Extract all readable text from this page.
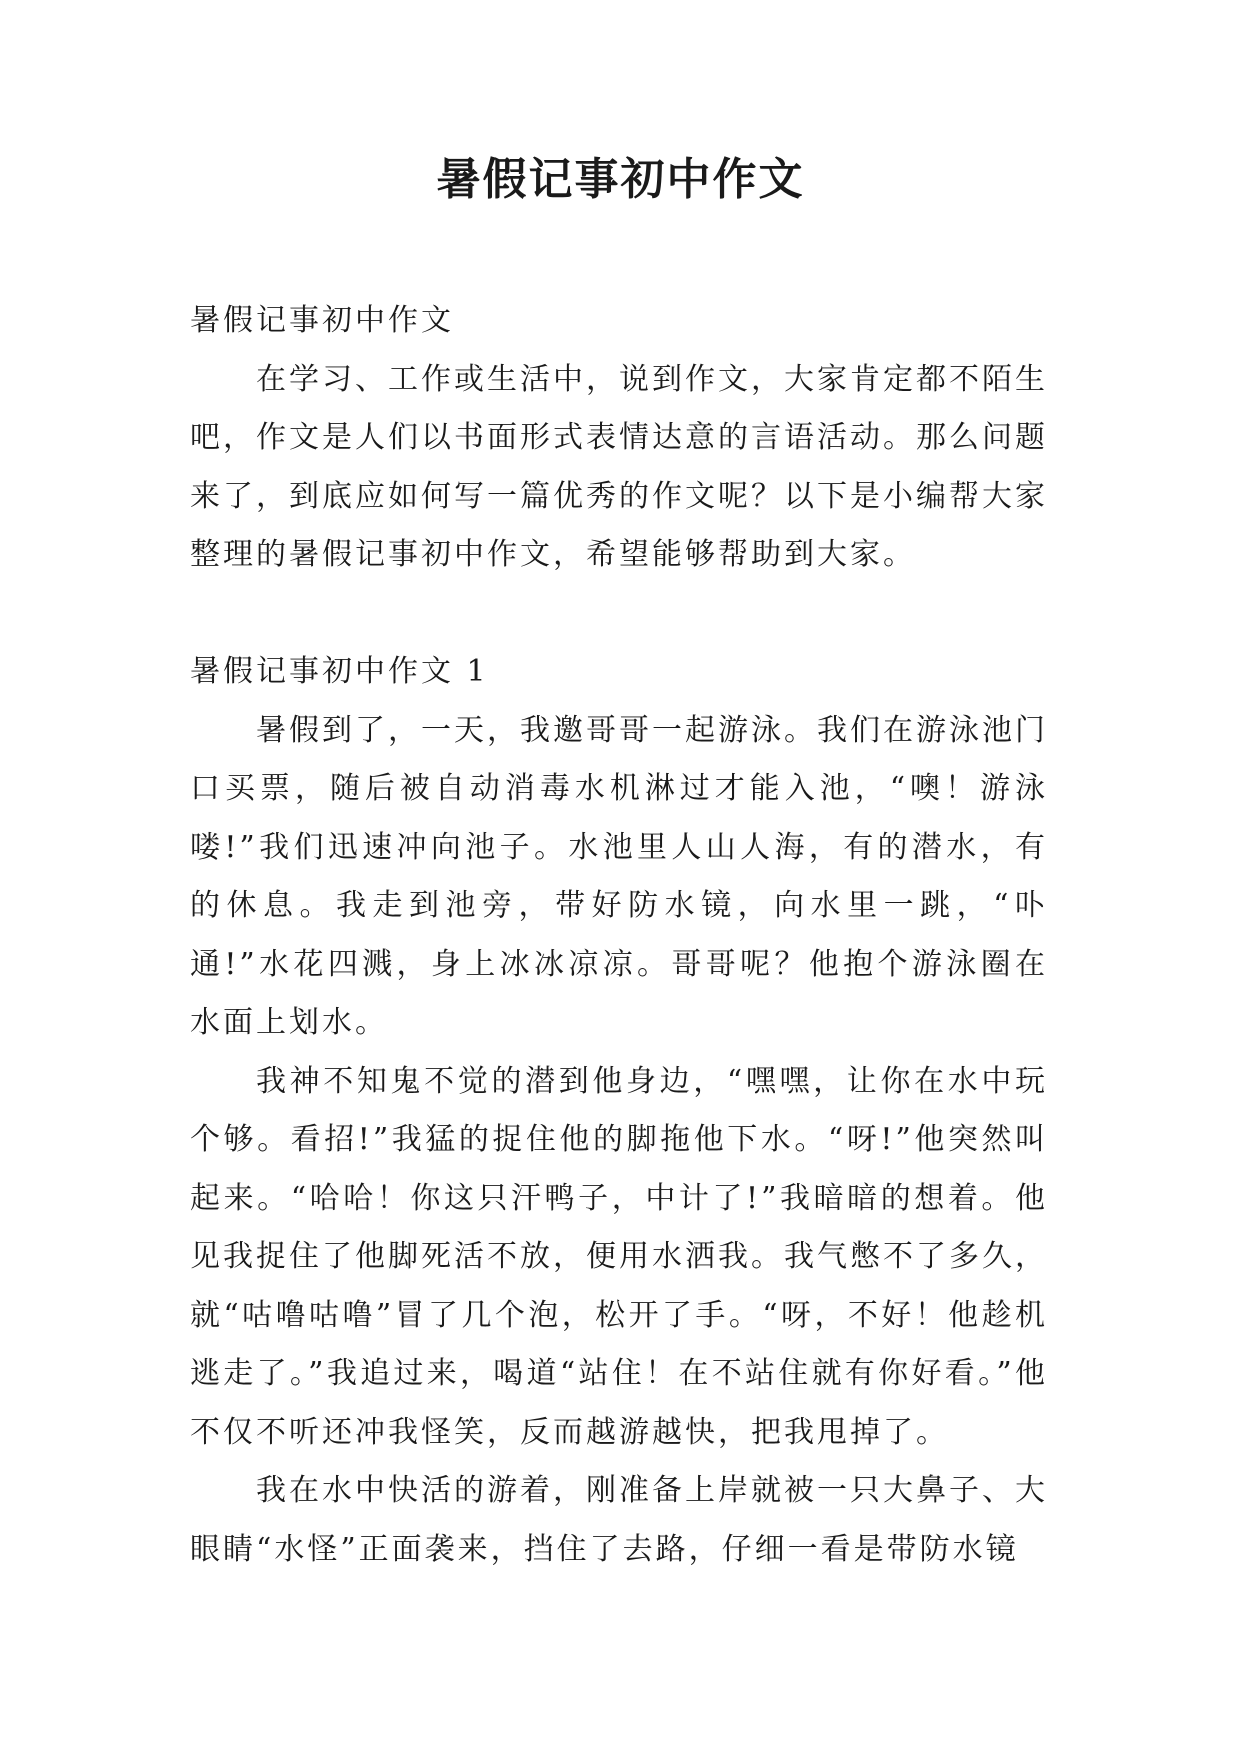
暑假记事初中作文

暑假记事初中作文

在学习、工作或生活中，说到作文，大家肯定都不陌生吧，作文是人们以书面形式表情达意的言语活动。那么问题来了，到底应如何写一篇优秀的作文呢？以下是小编帮大家整理的暑假记事初中作文，希望能够帮助到大家。

暑假记事初中作文 1

暑假到了，一天，我邀哥哥一起游泳。我们在游泳池门口买票，随后被自动消毒水机淋过才能入池，“噢！游泳喽!”我们迅速冲向池子。水池里人山人海，有的潜水，有的休息。我走到池旁，带好防水镜，向水里一跳，“卟通!”水花四溅，身上冰冰凉凉。哥哥呢？他抱个游泳圈在水面上划水。

我神不知鬼不觉的潜到他身边，“嘿嘿，让你在水中玩个够。看招!”我猛的捉住他的脚拖他下水。“呀!”他突然叫起来。“哈哈！你这只汗鸭子，中计了!”我暗暗的想着。他见我捉住了他脚死活不放，便用水洒我。我气憋不了多久，就“咕噜咕噜”冒了几个泡，松开了手。“呀，不好！他趁机逃走了。”我追过来，喝道“站住！在不站住就有你好看。”他不仅不听还冲我怪笑，反而越游越快，把我甩掉了。

我在水中快活的游着，刚准备上岸就被一只大鼻子、大眼睛“水怪”正面袭来，挡住了去路，仔细一看是带防水镜
